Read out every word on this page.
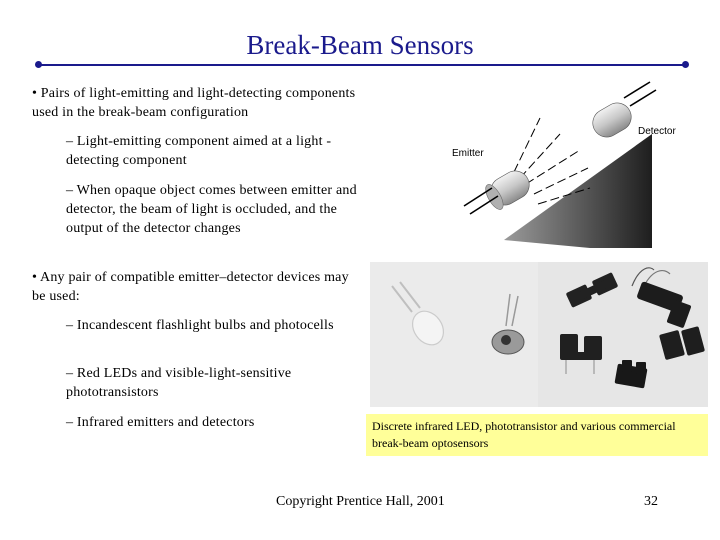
Break-Beam Sensors
• Pairs of light-emitting and light-detecting components used in the break-beam configuration
– Light-emitting component aimed at a light -detecting component
– When opaque object comes between emitter and detector, the beam of light is occluded, and the output of the detector changes
• Any pair of compatible emitter–detector devices may be used:
– Incandescent flashlight bulbs and photocells
– Red LEDs and visible-light-sensitive phototransistors
– Infrared emitters and detectors
Emitter
Detector
Discrete infrared LED, phototransistor and various commercial break-beam optosensors
Copyright Prentice Hall, 2001	32
